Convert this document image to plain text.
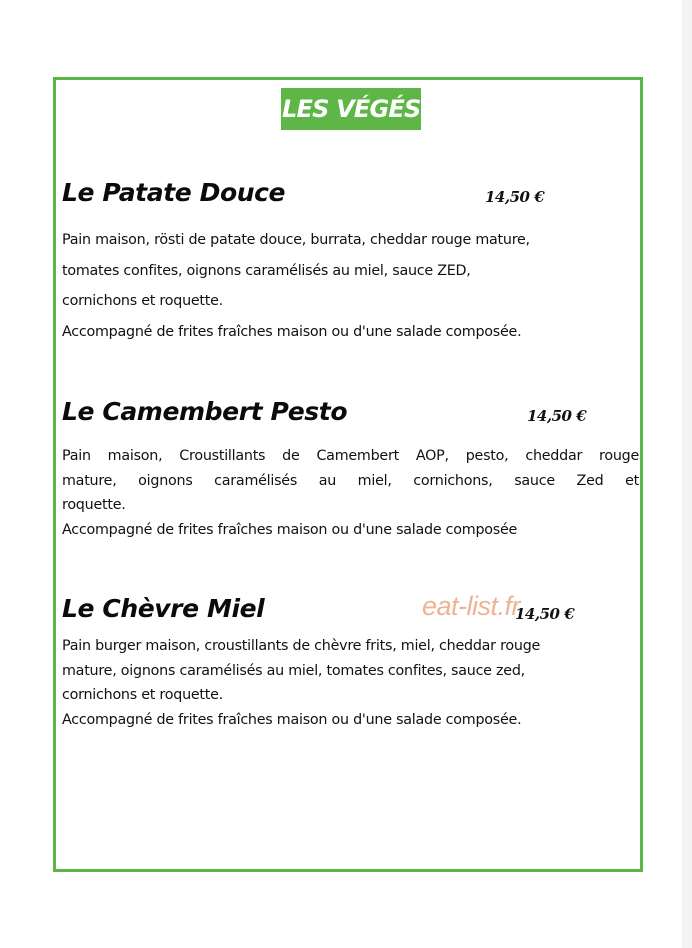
LES VÉGÉS
Le Patate Douce	14,50 €

Pain maison, rösti de patate douce, burrata, cheddar rouge mature,
tomates confites, oignons caramélisés au miel, sauce ZED,
cornichons et roquette.
Accompagné de frites fraîches maison ou d'une salade composée.

Le Camembert Pesto	14,50 €

Pain maison, Croustillants de Camembert AOP, pesto, cheddar rouge
mature, oignons caramélisés au miel, cornichons, sauce Zed et
roquette.
Accompagné de frites fraîches maison ou d'une salade composée

Le Chèvre Miel	14,50 €

Pain burger maison, croustillants de chèvre frits, miel, cheddar rouge
mature, oignons caramélisés au miel, tomates confites, sauce zed,
cornichons et roquette.
Accompagné de frites fraîches maison ou d'une salade composée.

eat-list.fr
